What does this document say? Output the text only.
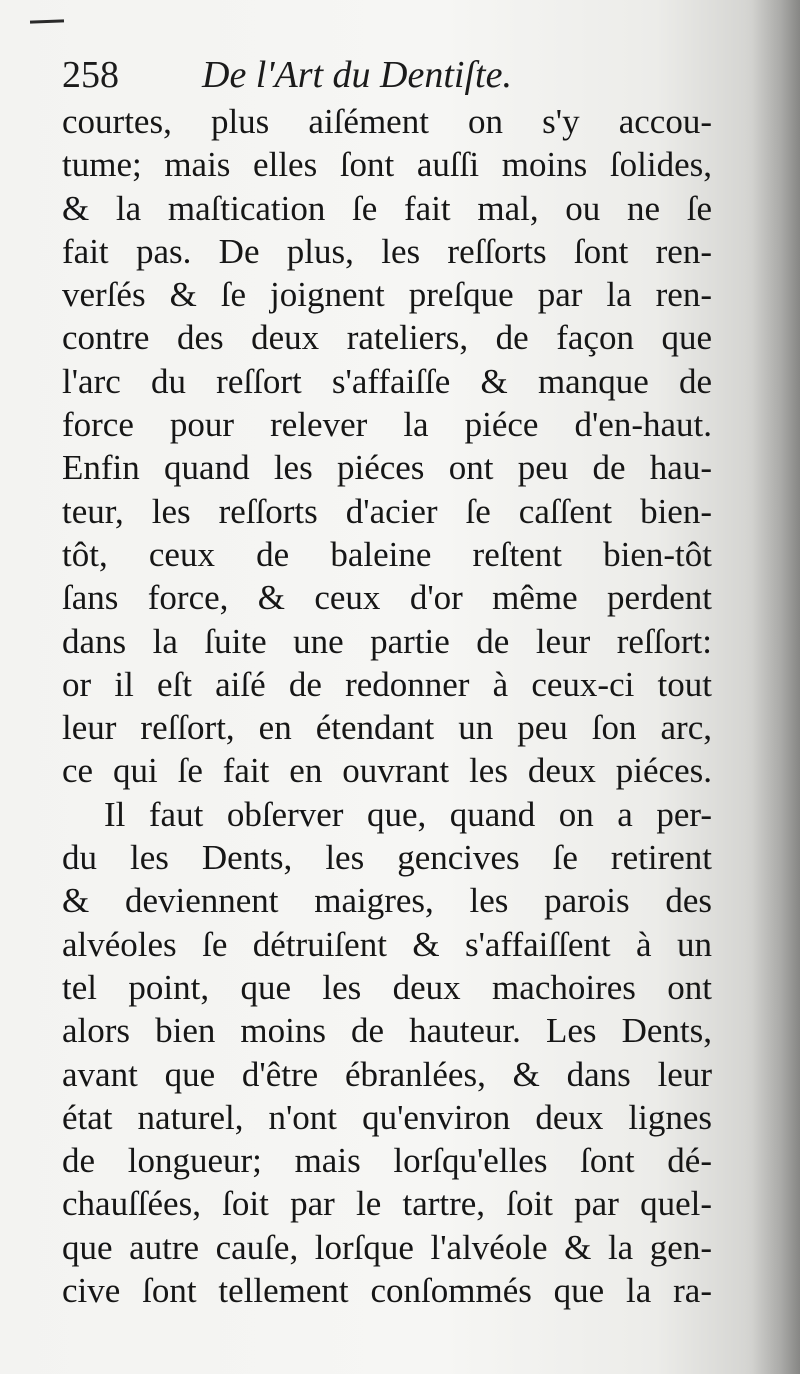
258 De l'Art du Dentiſte.
courtes, plus aiſément on s'y accou-
tume; mais elles ſont auſſi moins ſolides,
& la maſtication ſe fait mal, ou ne ſe
fait pas. De plus, les reſſorts ſont ren-
verſés & ſe joignent preſque par la ren-
contre des deux rateliers, de façon que
l'arc du reſſort s'affaiſſe & manque de
force pour relever la piéce d'en-haut.
Enfin quand les piéces ont peu de hau-
teur, les reſſorts d'acier ſe caſſent bien-
tôt, ceux de baleine reſtent bien-tôt
ſans force, & ceux d'or même perdent
dans la ſuite une partie de leur reſſort:
or il eſt aiſé de redonner à ceux-ci tout
leur reſſort, en étendant un peu ſon arc,
ce qui ſe fait en ouvrant les deux piéces.
Il faut obſerver que, quand on a per-
du les Dents, les gencives ſe retirent
& deviennent maigres, les parois des
alvéoles ſe détruiſent & s'affaiſſent à un
tel point, que les deux machoires ont
alors bien moins de hauteur. Les Dents,
avant que d'être ébranlées, & dans leur
état naturel, n'ont qu'environ deux lignes
de longueur; mais lorſqu'elles ſont dé-
chauſſées, ſoit par le tartre, ſoit par quel-
que autre cauſe, lorſque l'alvéole & la gen-
cive ſont tellement conſommés que la ra-
